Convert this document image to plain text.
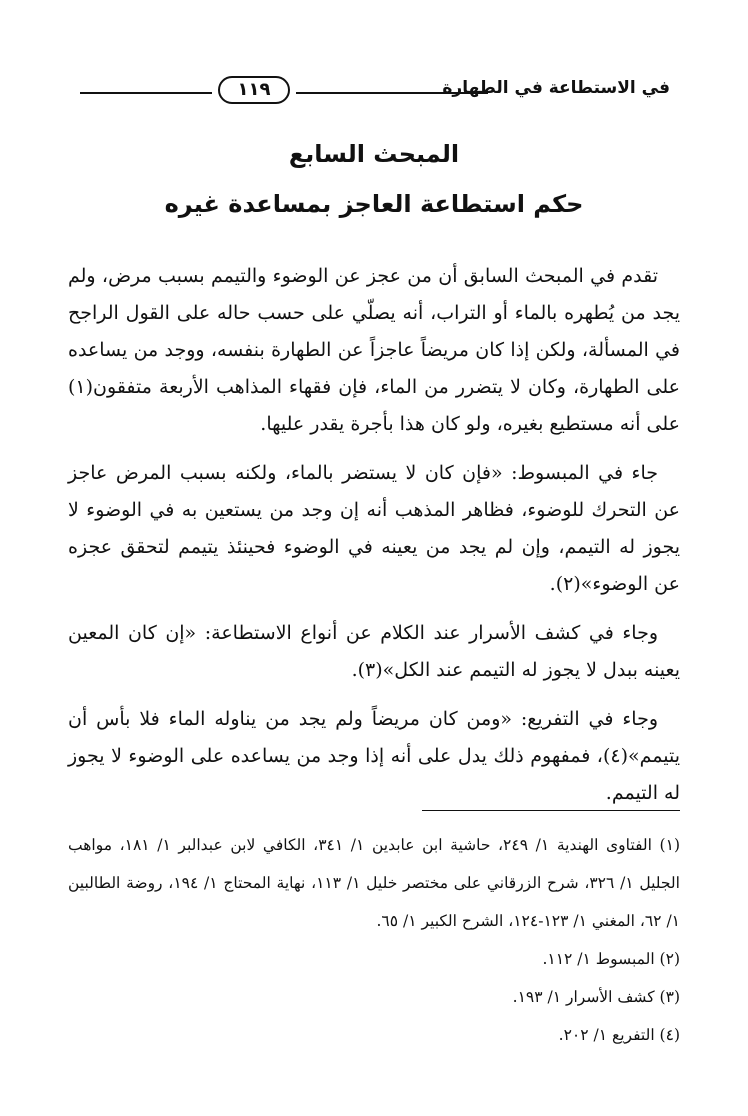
في الاستطاعة في الطهارة
١١٩
المبحث السابع
حكم استطاعة العاجز بمساعدة غيره

تقدم في المبحث السابق أن من عجز عن الوضوء والتيمم بسبب مرض، ولم يجد من يُطهره بالماء أو التراب، أنه يصلّي على حسب حاله على القول الراجح في المسألة، ولكن إذا كان مريضاً عاجزاً عن الطهارة بنفسه، ووجد من يساعده على الطهارة، وكان لا يتضرر من الماء، فإن فقهاء المذاهب الأربعة متفقون(١) على أنه مستطيع بغيره، ولو كان هذا بأجرة يقدر عليها.

جاء في المبسوط: «فإن كان لا يستضر بالماء، ولكنه بسبب المرض عاجز عن التحرك للوضوء، فظاهر المذهب أنه إن وجد من يستعين به في الوضوء لا يجوز له التيمم، وإن لم يجد من يعينه في الوضوء فحينئذ يتيمم لتحقق عجزه عن الوضوء»(٢).

وجاء في كشف الأسرار عند الكلام عن أنواع الاستطاعة: «إن كان المعين يعينه ببدل لا يجوز له التيمم عند الكل»(٣).

وجاء في التفريع: «ومن كان مريضاً ولم يجد من يناوله الماء فلا بأس أن يتيمم»(٤)، فمفهوم ذلك يدل على أنه إذا وجد من يساعده على الوضوء لا يجوز له التيمم.

(١) الفتاوى الهندية ١/ ٢٤٩، حاشية ابن عابدين ١/ ٣٤١، الكافي لابن عبدالبر ١/ ١٨١، مواهب الجليل ١/ ٣٢٦، شرح الزرقاني على مختصر خليل ١/ ١١٣، نهاية المحتاج ١/ ١٩٤، روضة الطالبين ١/ ٦٢، المغني ١/ ١٢٣-١٢٤، الشرح الكبير ١/ ٦٥.

(٢) المبسوط ١/ ١١٢.

(٣) كشف الأسرار ١/ ١٩٣.

(٤) التفريع ١/ ٢٠٢.
